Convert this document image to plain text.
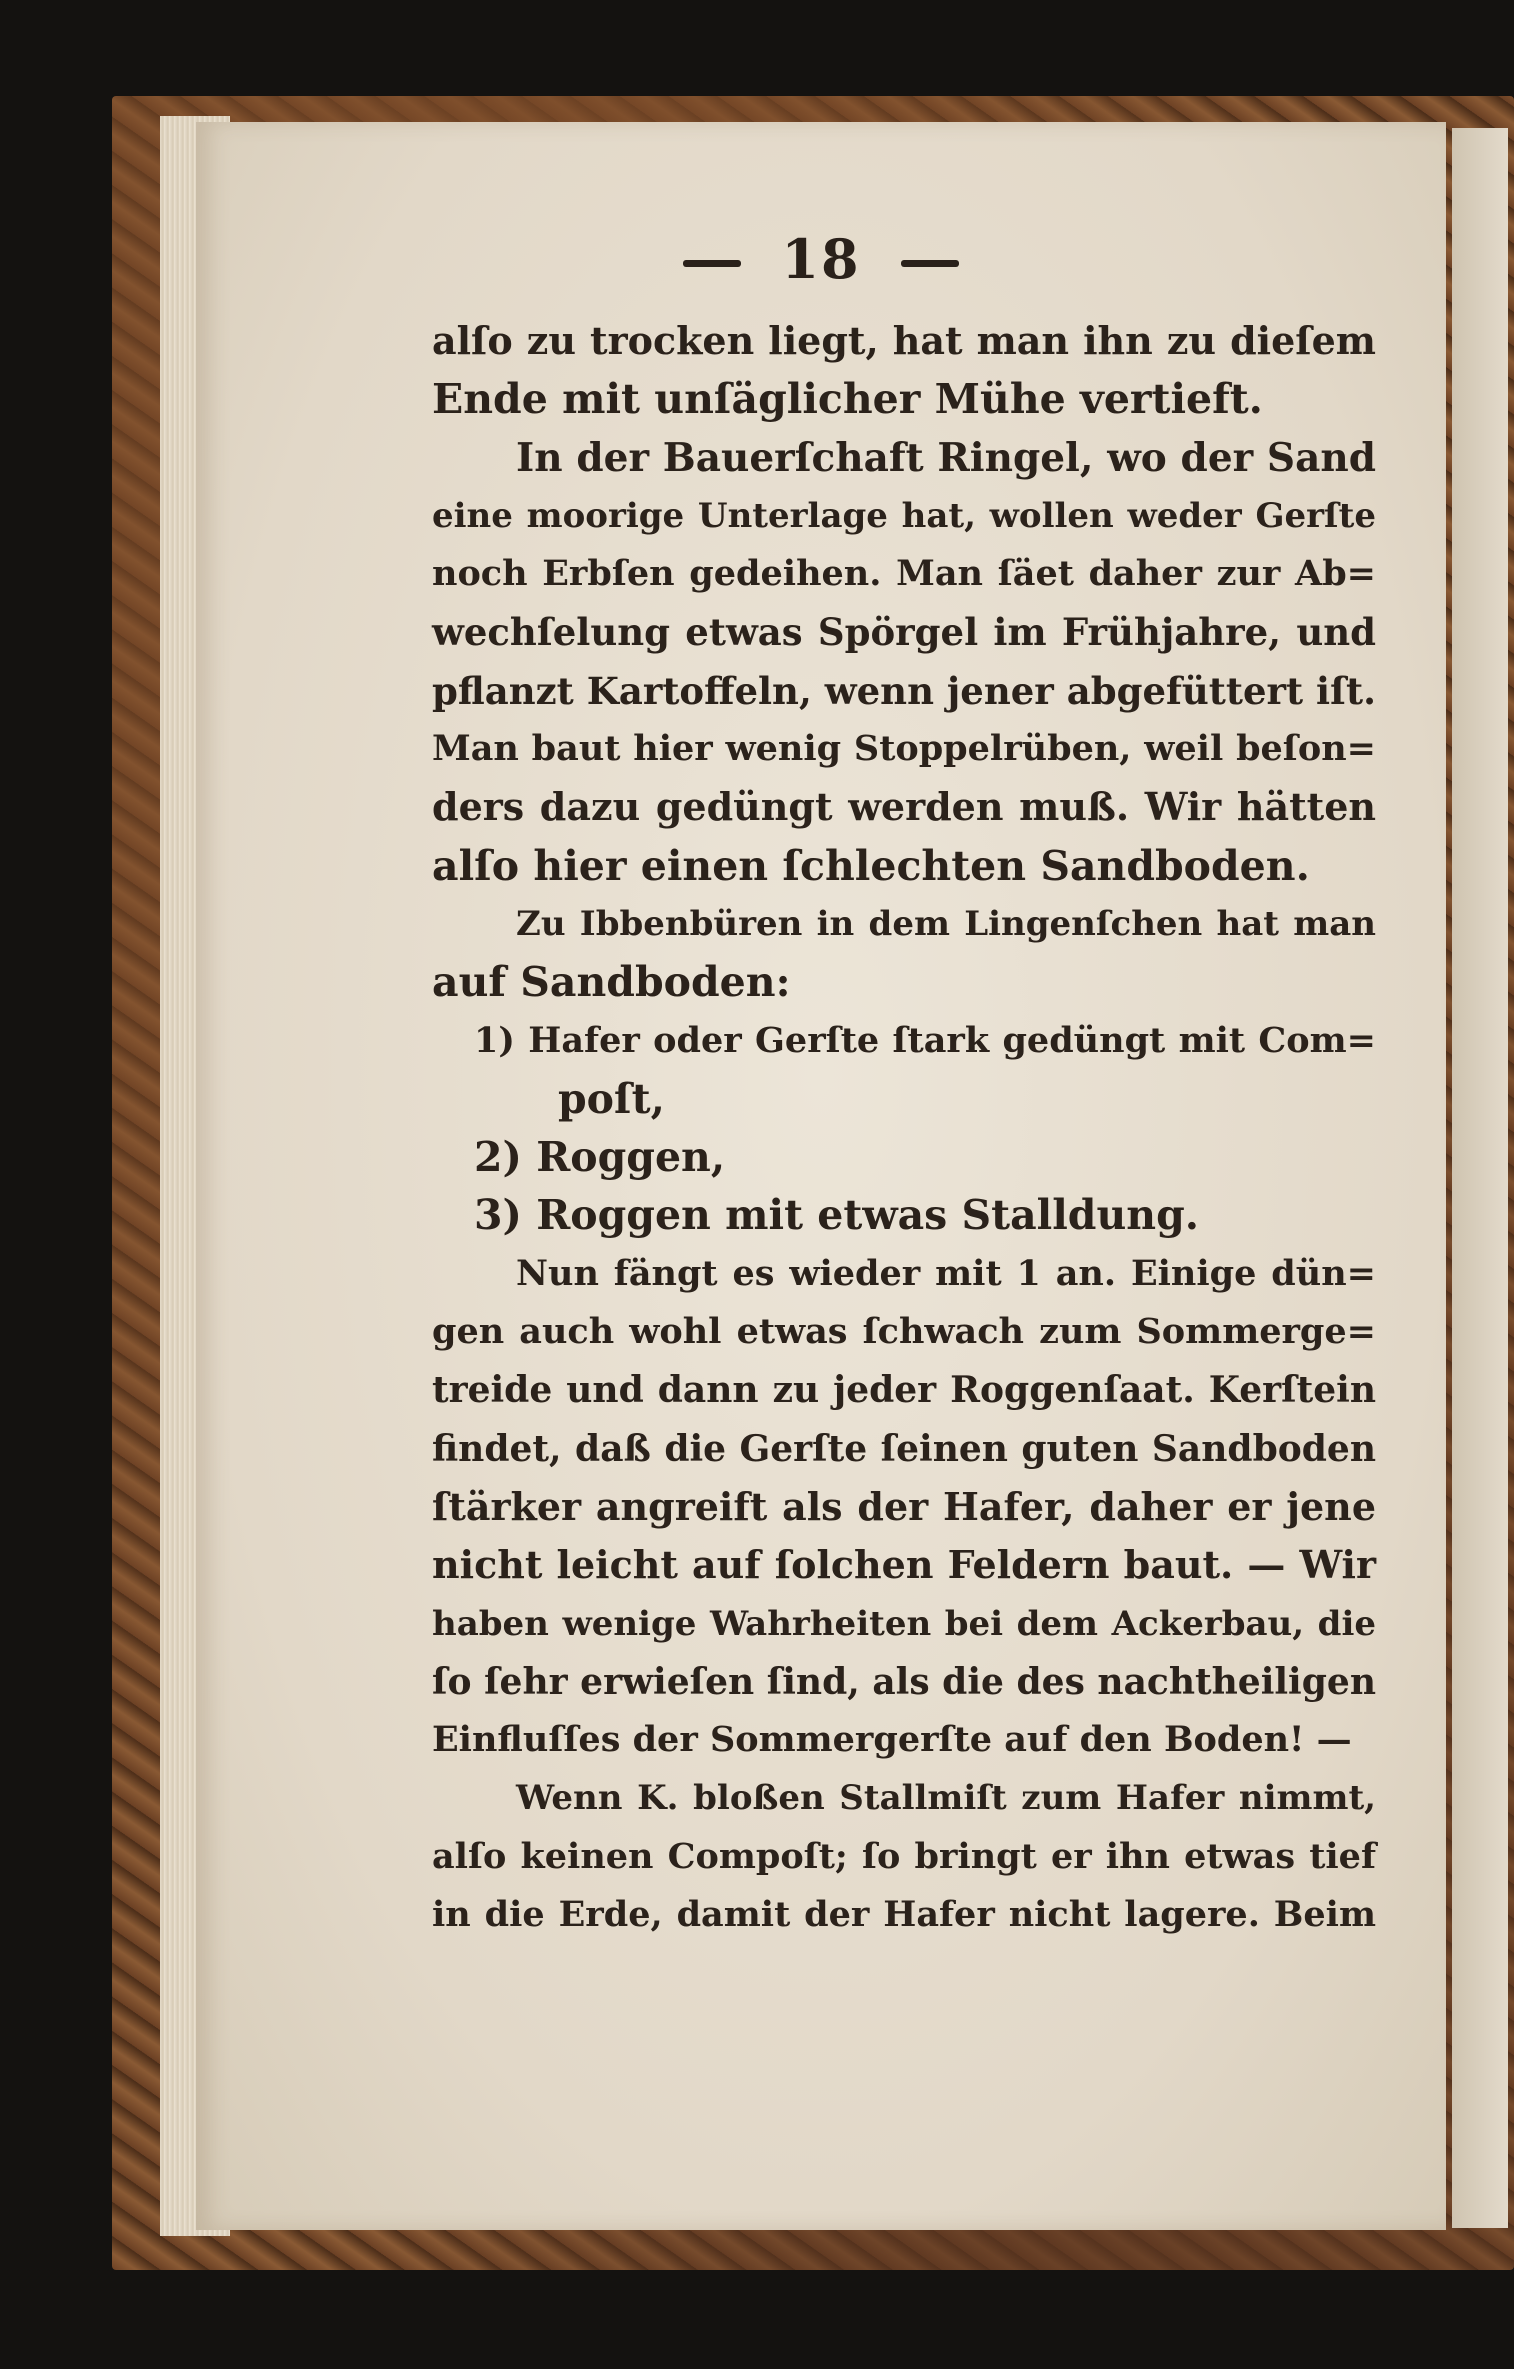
18
alſo zu trocken liegt, hat man ihn zu dieſem
Ende mit unſäglicher Mühe vertieft.
In der Bauerſchaft Ringel, wo der Sand
eine moorige Unterlage hat, wollen weder Gerſte
noch Erbſen gedeihen. Man ſäet daher zur Ab=
wechſelung etwas Spörgel im Frühjahre, und
pflanzt Kartoffeln, wenn jener abgefüttert iſt.
Man baut hier wenig Stoppelrüben, weil beſon=
ders dazu gedüngt werden muß. Wir hätten
alſo hier einen ſchlechten Sandboden.
Zu Ibbenbüren in dem Lingenſchen hat man
auf Sandboden:
1) Hafer oder Gerſte ſtark gedüngt mit Com=
poſt,
2) Roggen,
3) Roggen mit etwas Stalldung.
Nun fängt es wieder mit 1 an. Einige dün=
gen auch wohl etwas ſchwach zum Sommerge=
treide und dann zu jeder Roggenſaat. Kerſtein
findet, daß die Gerſte ſeinen guten Sandboden
ſtärker angreift als der Hafer, daher er jene
nicht leicht auf ſolchen Feldern baut. — Wir
haben wenige Wahrheiten bei dem Ackerbau, die
ſo ſehr erwieſen ſind, als die des nachtheiligen
Einfluſſes der Sommergerſte auf den Boden! —
Wenn K. bloßen Stallmiſt zum Hafer nimmt,
alſo keinen Compoſt; ſo bringt er ihn etwas tief
in die Erde, damit der Hafer nicht lagere. Beim
